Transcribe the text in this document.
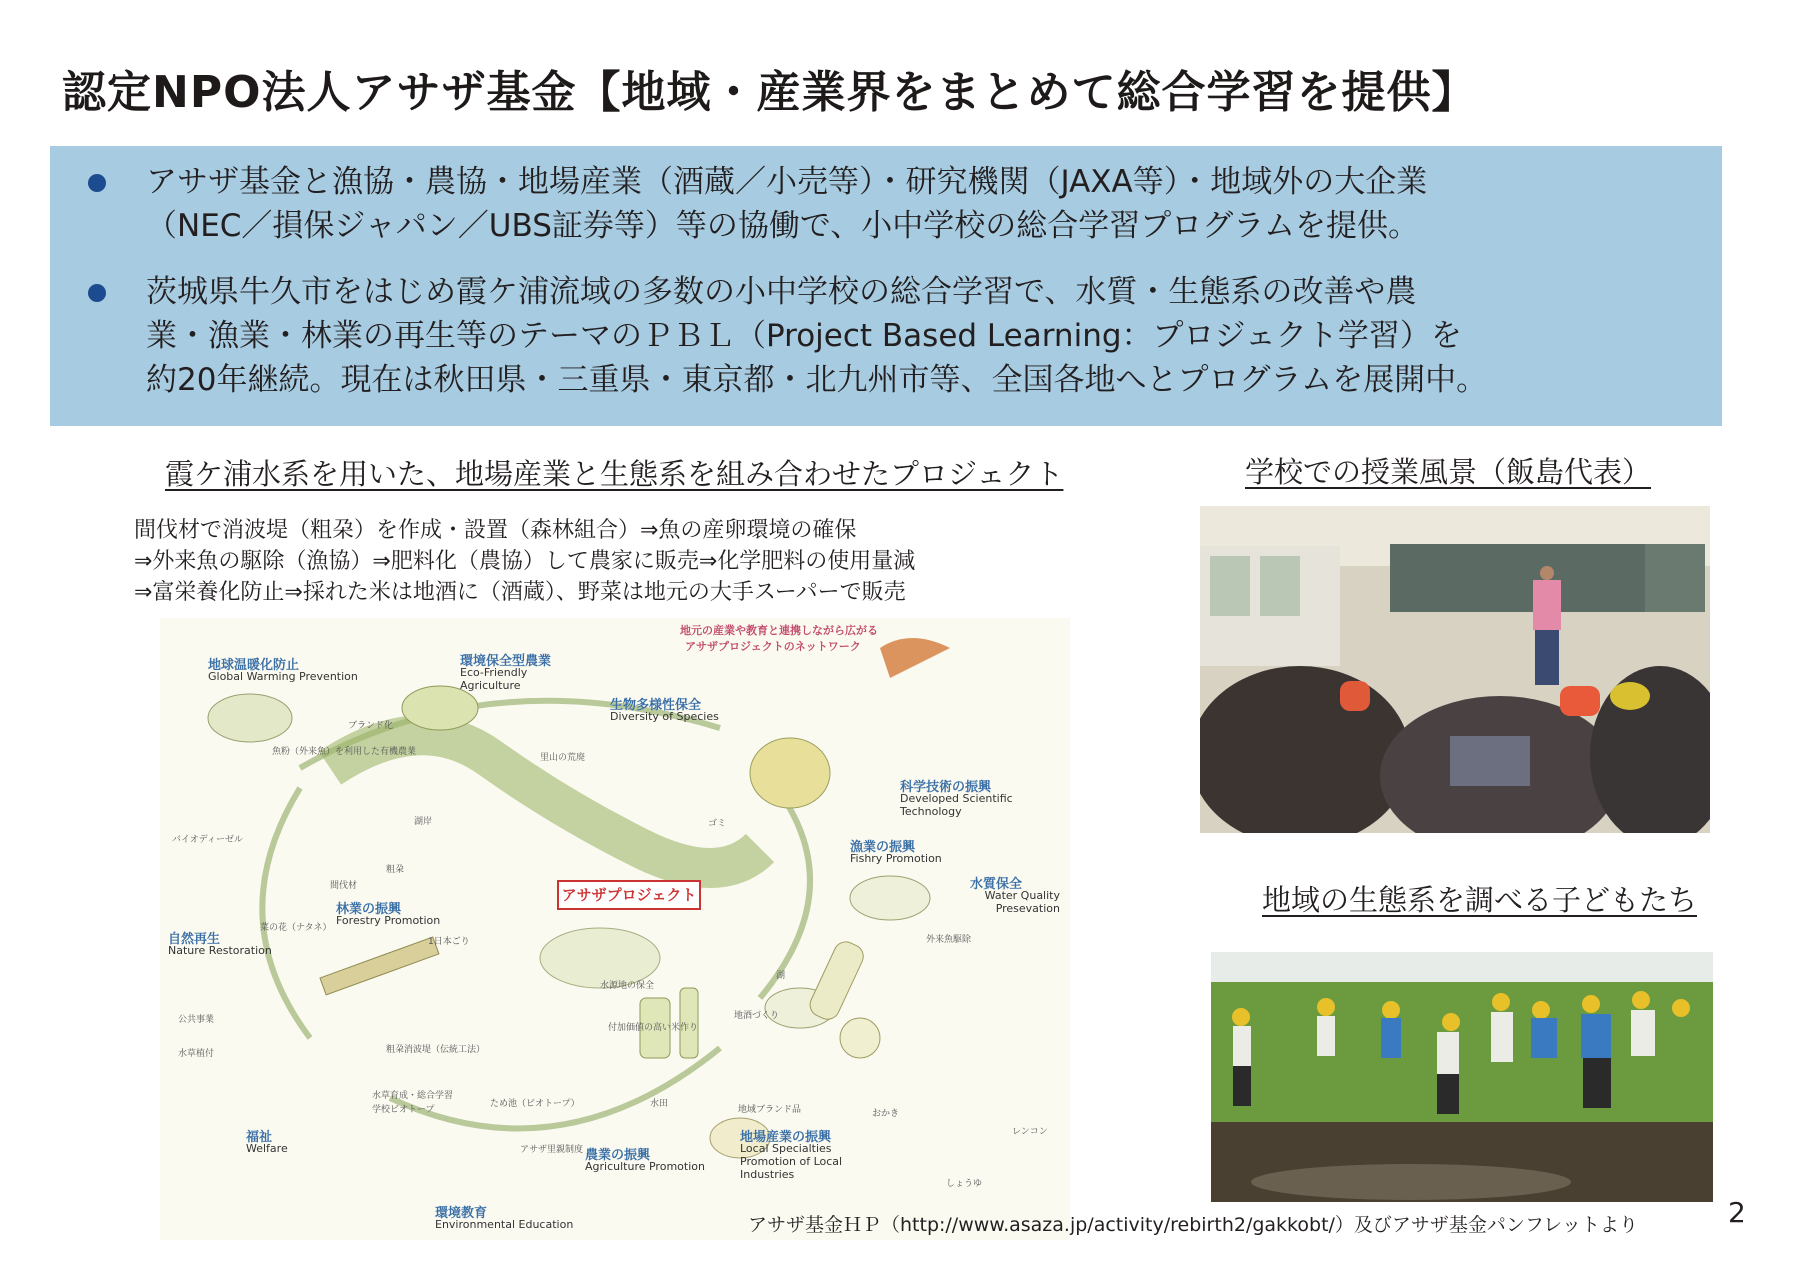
認定NPO法人アサザ基金【地域・産業界をまとめて総合学習を提供】
アサザ基金と漁協・農協・地場産業（酒蔵／小売等）・研究機関（JAXA等）・地域外の大企業
（NEC／損保ジャパン／UBS証券等）等の協働で、小中学校の総合学習プログラムを提供。
茨城県牛久市をはじめ霞ケ浦流域の多数の小中学校の総合学習で、水質・生態系の改善や農
業・漁業・林業の再生等のテーマのＰＢＬ（Project Based Learning：プロジェクト学習）を
約20年継続。現在は秋田県・三重県・東京都・北九州市等、全国各地へとプログラムを展開中。
霞ケ浦水系を用いた、地場産業と生態系を組み合わせたプロジェクト
間伐材で消波堤（粗朶）を作成・設置（森林組合）⇒魚の産卵環境の確保
⇒外来魚の駆除（漁協）⇒肥料化（農協）して農家に販売⇒化学肥料の使用量減
⇒富栄養化防止⇒採れた米は地酒に（酒蔵）、野菜は地元の大手スーパーで販売
アサザプロジェクト
地元の産業や教育と連携しながら広がる
アサザプロジェクトのネットワーク
地球温暖化防止
Global Warming Prevention
環境保全型農業
Eco-Friendly Agriculture
生物多様性保全
Diversity of Species
科学技術の振興
Developed Scientific Technology
漁業の振興
Fishry Promotion
水質保全
Water Quality Presevation
林業の振興
Forestry Promotion
自然再生
Nature Restoration
福祉
Welfare	農業の振興
Agriculture Promotion
地場産業の振興
Local Specialties Promotion of Local Industries
環境教育
Environmental Education
ブランド化
魚粉（外来魚）を利用した有機農業
バイオディーゼル
菜の花（ナタネ）
里山の荒廃
間伐材
粗朶
湖岸	ゴミ
1日本ごり
水源地の保全
付加価値の高い米作り
地酒づくり
粗朶消波堤（伝統工法）
公共事業
水草植付
水草育成・総合学習
学校ビオトープ
ため池（ビオトープ）	水田
地域ブランド品
アサザ里親制度
おかき
しょうゆ
レンコン
外来魚駆除
湖
学校での授業風景（飯島代表）
地域の生態系を調べる子どもたち
アサザ基金ＨＰ（http://www.asaza.jp/activity/rebirth2/gakkobt/）及びアサザ基金パンフレットより	2
